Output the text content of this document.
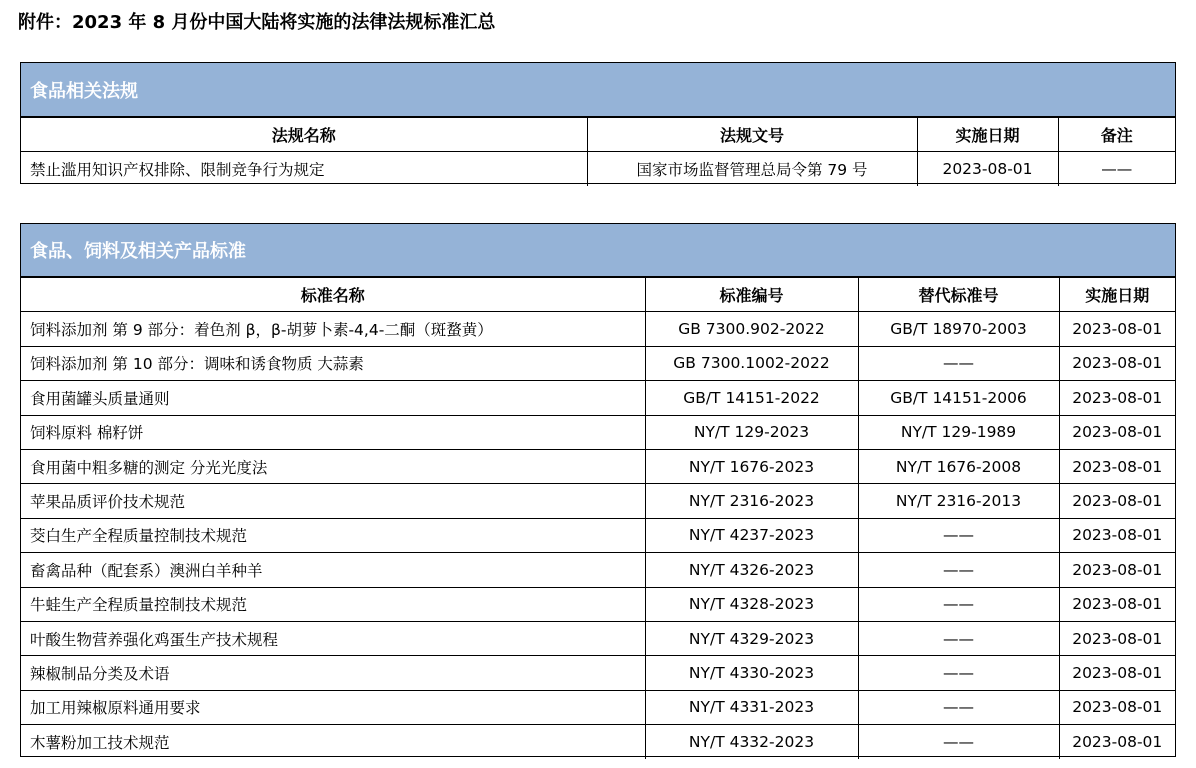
附件：2023 年 8 月份中国大陆将实施的法律法规标准汇总
食品相关法规
法规名称	法规文号	实施日期	备注
禁止滥用知识产权排除、限制竞争行为规定	国家市场监督管理总局令第 79 号	2023-08-01	——
食品、饲料及相关产品标准
标准名称	标准编号	替代标准号	实施日期
饲料添加剂 第 9 部分：着色剂 β，β-胡萝卜素-4,4-二酮（斑蝥黄）	GB 7300.902-2022	GB/T 18970-2003	2023-08-01
饲料添加剂 第 10 部分：调味和诱食物质 大蒜素	GB 7300.1002-2022	——	2023-08-01
食用菌罐头质量通则	GB/T 14151-2022	GB/T 14151-2006	2023-08-01
饲料原料 棉籽饼	NY/T 129-2023	NY/T 129-1989	2023-08-01
食用菌中粗多糖的测定 分光光度法	NY/T 1676-2023	NY/T 1676-2008	2023-08-01
苹果品质评价技术规范	NY/T 2316-2023	NY/T 2316-2013	2023-08-01
茭白生产全程质量控制技术规范	NY/T 4237-2023	——	2023-08-01
畜禽品种（配套系）澳洲白羊种羊	NY/T 4326-2023	——	2023-08-01
牛蛙生产全程质量控制技术规范	NY/T 4328-2023	——	2023-08-01
叶酸生物营养强化鸡蛋生产技术规程	NY/T 4329-2023	——	2023-08-01
辣椒制品分类及术语	NY/T 4330-2023	——	2023-08-01
加工用辣椒原料通用要求	NY/T 4331-2023	——	2023-08-01
木薯粉加工技术规范	NY/T 4332-2023	——	2023-08-01
